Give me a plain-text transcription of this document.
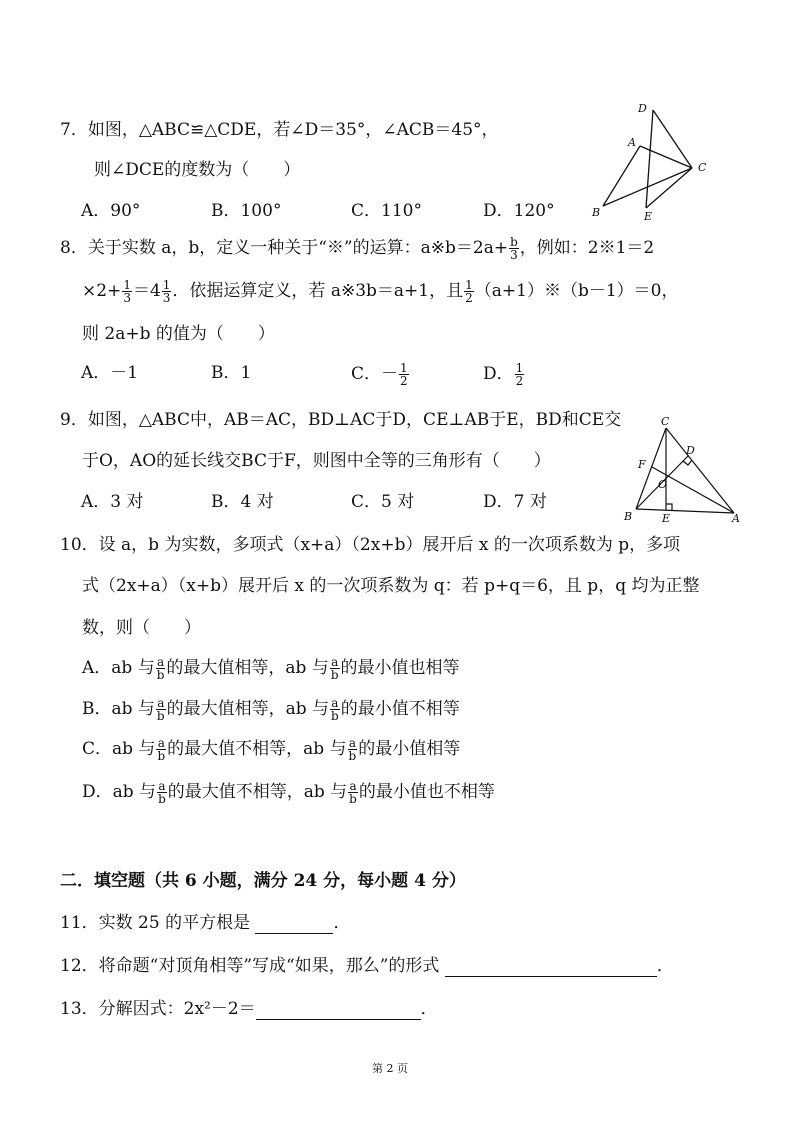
7．如图，△ABC≌△CDE，若∠D＝35°，∠ACB＝45°，
则∠DCE的度数为（　　）
A．90°	B．100°	C．110°	D．120°
D
A
C
B	E
8．关于实数 a，b，定义一种关于“※”的运算：a※b＝2a+ $\frac{b}{3}$ ，例如：2※1＝2
$\times 2+ \frac{1}{3} =4 \frac{1}{3}$ ．依据运算定义，若 a※3b＝a+1，且 $\frac{1}{2}$ （a+1）※（b－1）＝0，
则 2a+b 的值为（　　）
A．－1	B．1	C．－ $\frac{1}{2}$	D． $\frac{1}{2}$
9．如图，△ABC中，AB＝AC，BD⊥AC于D，CE⊥AB于E，BD和CE交
于O，AO的延长线交BC于F，则图中全等的三角形有（　　）
A．3 对	B．4 对	C．5 对	D．7 对
C
D
F
O
B	E	A
10．设 a，b 为实数，多项式（x+a）（2x+b）展开后 x 的一次项系数为 p，多项
式（2x+a）（x+b）展开后 x 的一次项系数为 q：若 p+q＝6，且 p，q 均为正整
数，则（　　）
A．ab 与 $\frac{a}{b}$ 的最大值相等，ab 与 $\frac{a}{b}$ 的最小值也相等
B．ab 与 $\frac{a}{b}$ 的最大值相等，ab 与 $\frac{a}{b}$ 的最小值不相等
C．ab 与 $\frac{a}{b}$ 的最大值不相等，ab 与 $\frac{a}{b}$ 的最小值相等
D．ab 与 $\frac{a}{b}$ 的最大值不相等，ab 与 $\frac{a}{b}$ 的最小值也不相等
二．填空题（共 6 小题，满分 24 分，每小题 4 分）
11．实数 25 的平方根是	．
12．将命题“对顶角相等”写成“如果，那么”的形式	．
13．分解因式：2x²－2＝	．
第 2 页
